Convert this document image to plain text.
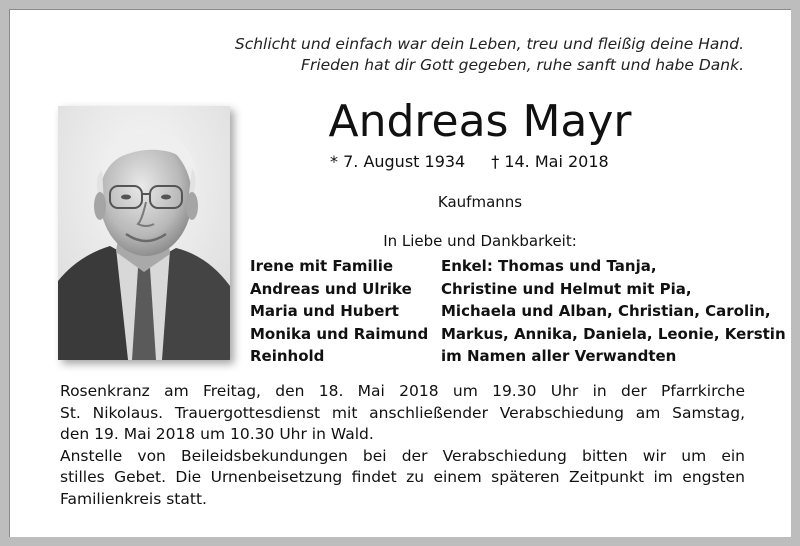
Schlicht und einfach war dein Leben, treu und fleißig deine Hand.
Frieden hat dir Gott gegeben, ruhe sanft und habe Dank.
Andreas Mayr
* 7. August 1934 † 14. Mai 2018
Kaufmanns
In Liebe und Dankbarkeit:
Irene mit Familie
Andreas und Ulrike
Maria und Hubert
Monika und Raimund
Reinhold
Enkel: Thomas und Tanja,
Christine und Helmut mit Pia,
Michaela und Alban, Christian, Carolin,
Markus, Annika, Daniela, Leonie, Kerstin
im Namen aller Verwandten
Rosenkranz am Freitag, den 18. Mai 2018 um 19.30 Uhr in der Pfarrkirche
St. Nikolaus. Trauergottesdienst mit anschließender Verabschiedung am Samstag,
den 19. Mai 2018 um 10.30 Uhr in Wald.
Anstelle von Beileidsbekundungen bei der Verabschiedung bitten wir um ein
stilles Gebet. Die Urnenbeisetzung findet zu einem späteren Zeitpunkt im engsten
Familienkreis statt.
